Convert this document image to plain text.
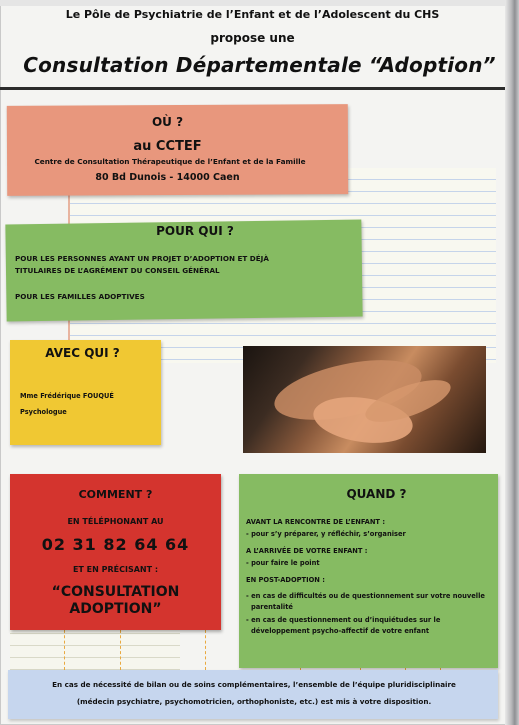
Le Pôle de Psychiatrie de l’Enfant et de l’Adolescent du CHS
propose une
Consultation Départementale “Adoption”
OÙ ?
au CCTEF
Centre de Consultation Thérapeutique de l’Enfant et de la Famille
80 Bd Dunois - 14000 Caen
POUR QUI ?
POUR LES PERSONNES AYANT UN PROJET D’ADOPTION ET DÉJÀ
TITULAIRES DE L’AGRÉMENT DU CONSEIL GÉNÉRAL
POUR LES FAMILLES ADOPTIVES
AVEC QUI ?
Mme Frédérique FOUQUÉ
Psychologue
COMMENT ?
EN TÉLÉPHONANT AU
02 31 82 64 64
ET EN PRÉCISANT :
“CONSULTATION
ADOPTION”
QUAND ?
AVANT LA RENCONTRE DE L’ENFANT :
- pour s’y préparer, y réfléchir, s’organiser
A L’ARRIVÉE DE VOTRE ENFANT :
- pour faire le point
EN POST-ADOPTION :
- en cas de difficultés ou de questionnement sur votre nouvelle
parentalité
- en cas de questionnement ou d’inquiétudes sur le
développement psycho-affectif de votre enfant
En cas de nécessité de bilan ou de soins complémentaires, l’ensemble de l’équipe pluridisciplinaire
(médecin psychiatre, psychomotricien, orthophoniste, etc.) est mis à votre disposition.
